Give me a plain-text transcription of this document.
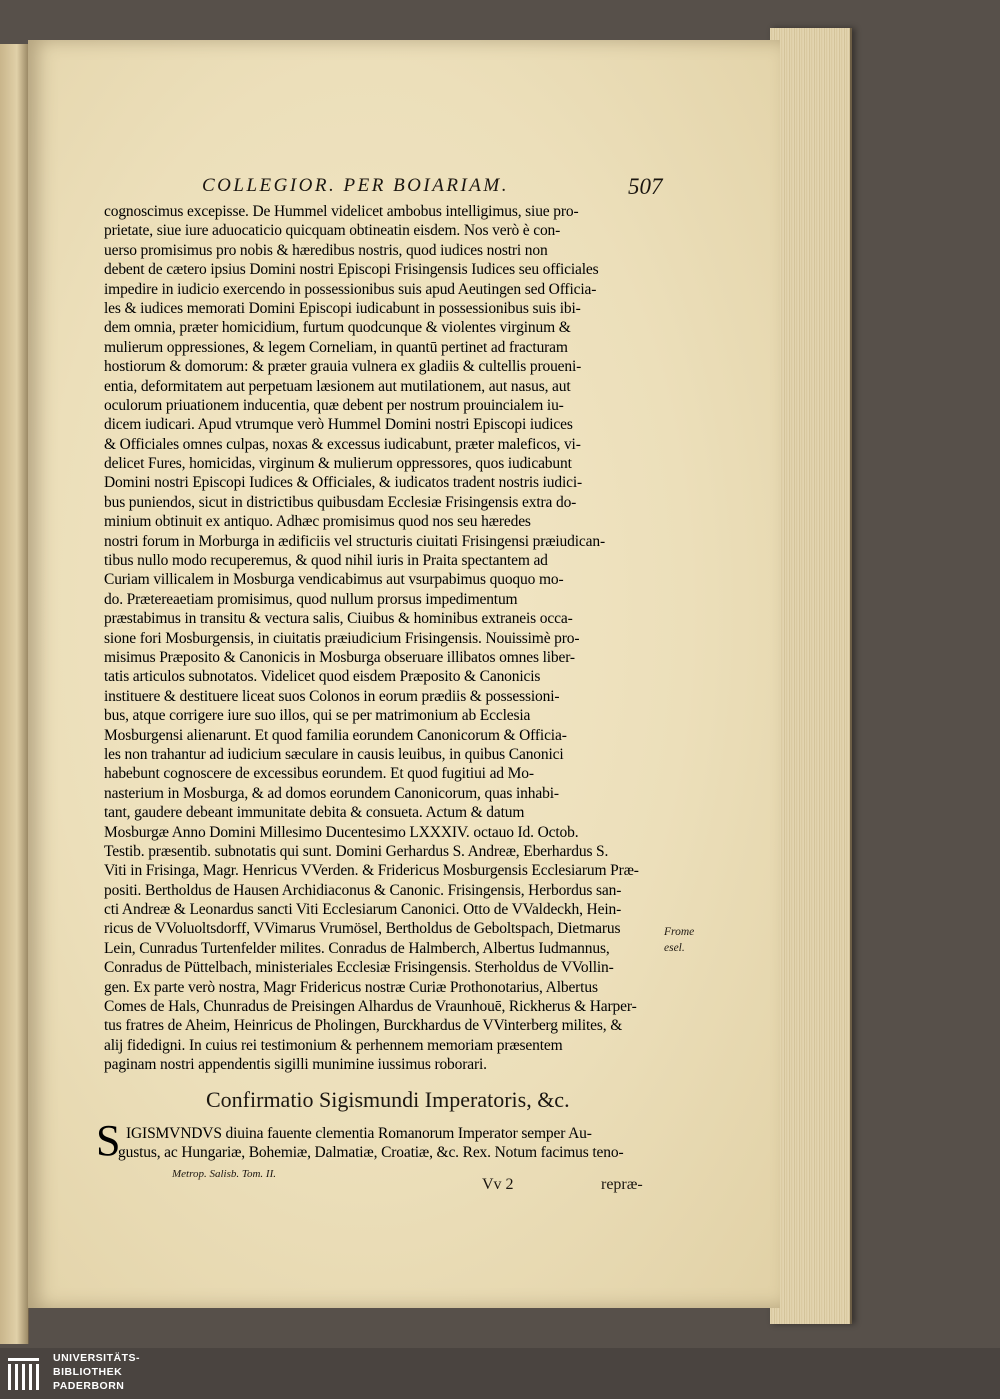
COLLEGIOR. PER BOIARIAM.	507
cognoscimus excepisse. De Hummel videlicet ambobus intelligimus, siue pro-
prietate, siue iure aduocaticio quicquam obtineatin eisdem. Nos verò è con-
uerso promisimus pro nobis & hæredibus nostris, quod iudices nostri non
debent de cætero ipsius Domini nostri Episcopi Frisingensis Iudices seu officiales
impedire in iudicio exercendo in possessionibus suis apud Aeutingen sed Officia-
les & iudices memorati Domini Episcopi iudicabunt in possessionibus suis ibi-
dem omnia, præter homicidium, furtum quodcunque & violentes virginum &
mulierum oppressiones, & legem Corneliam, in quantū pertinet ad fracturam
hostiorum & domorum: & præter grauia vulnera ex gladiis & cultellis proueni-
entia, deformitatem aut perpetuam læsionem aut mutilationem, aut nasus, aut
oculorum priuationem inducentia, quæ debent per nostrum prouincialem iu-
dicem iudicari. Apud vtrumque verò Hummel Domini nostri Episcopi iudices
& Officiales omnes culpas, noxas & excessus iudicabunt, præter maleficos, vi-
delicet Fures, homicidas, virginum & mulierum oppressores, quos iudicabunt
Domini nostri Episcopi Iudices & Officiales, & iudicatos tradent nostris iudici-
bus puniendos, sicut in districtibus quibusdam Ecclesiæ Frisingensis extra do-
minium obtinuit ex antiquo. Adhæc promisimus quod nos seu hæredes
nostri forum in Morburga in ædificiis vel structuris ciuitati Frisingensi præiudican-
tibus nullo modo recuperemus, & quod nihil iuris in Praita spectantem ad
Curiam villicalem in Mosburga vendicabimus aut vsurpabimus quoquo mo-
do. Prætereaetiam promisimus, quod nullum prorsus impedimentum
præstabimus in transitu & vectura salis, Ciuibus & hominibus extraneis occa-
sione fori Mosburgensis, in ciuitatis præiudicium Frisingensis. Nouissimè pro-
misimus Præposito & Canonicis in Mosburga obseruare illibatos omnes liber-
tatis articulos subnotatos. Videlicet quod eisdem Præposito & Canonicis
instituere & destituere liceat suos Colonos in eorum prædiis & possessioni-
bus, atque corrigere iure suo illos, qui se per matrimonium ab Ecclesia
Mosburgensi alienarunt. Et quod familia eorundem Canonicorum & Officia-
les non trahantur ad iudicium sæculare in causis leuibus, in quibus Canonici
habebunt cognoscere de excessibus eorundem. Et quod fugitiui ad Mo-
nasterium in Mosburga, & ad domos eorundem Canonicorum, quas inhabi-
tant, gaudere debeant immunitate debita & consueta. Actum & datum
Mosburgæ Anno Domini Millesimo Ducentesimo LXXXIV. octauo Id. Octob.
Testib. præsentib. subnotatis qui sunt. Domini Gerhardus S. Andreæ, Eberhardus S.
Viti in Frisinga, Magr. Henricus VVerden. & Fridericus Mosburgensis Ecclesiarum Præ-
positi. Bertholdus de Hausen Archidiaconus & Canonic. Frisingensis, Herbordus san-
cti Andreæ & Leonardus sancti Viti Ecclesiarum Canonici. Otto de VValdeckh, Hein-
ricus de VVoluoltsdorff, VVimarus Vrumösel, Bertholdus de Geboltspach, Dietmarus
Lein, Cunradus Turtenfelder milites. Conradus de Halmberch, Albertus Iudmannus,
Conradus de Püttelbach, ministeriales Ecclesiæ Frisingensis. Sterholdus de VVollin-
gen. Ex parte verò nostra, Magr Fridericus nostræ Curiæ Prothonotarius, Albertus
Comes de Hals, Chunradus de Preisingen Alhardus de Vraunhouē, Rickherus & Harper-
tus fratres de Aheim, Heinricus de Pholingen, Burckhardus de VVinterberg milites, &
alij fidedigni. In cuius rei testimonium & perhennem memoriam præsentem
paginam nostri appendentis sigilli munimine iussimus roborari.
Frome
esel.
Confirmatio Sigismundi Imperatoris, &c.
S IGISMVNDVS diuina fauente clementia Romanorum Imperator semper Au-
gustus, ac Hungariæ, Bohemiæ, Dalmatiæ, Croatiæ, &c. Rex. Notum facimus teno-
Metrop. Salisb. Tom. II.
Vv 2	repræ-
UNIVERSITÄTS-
BIBLIOTHEK
PADERBORN
